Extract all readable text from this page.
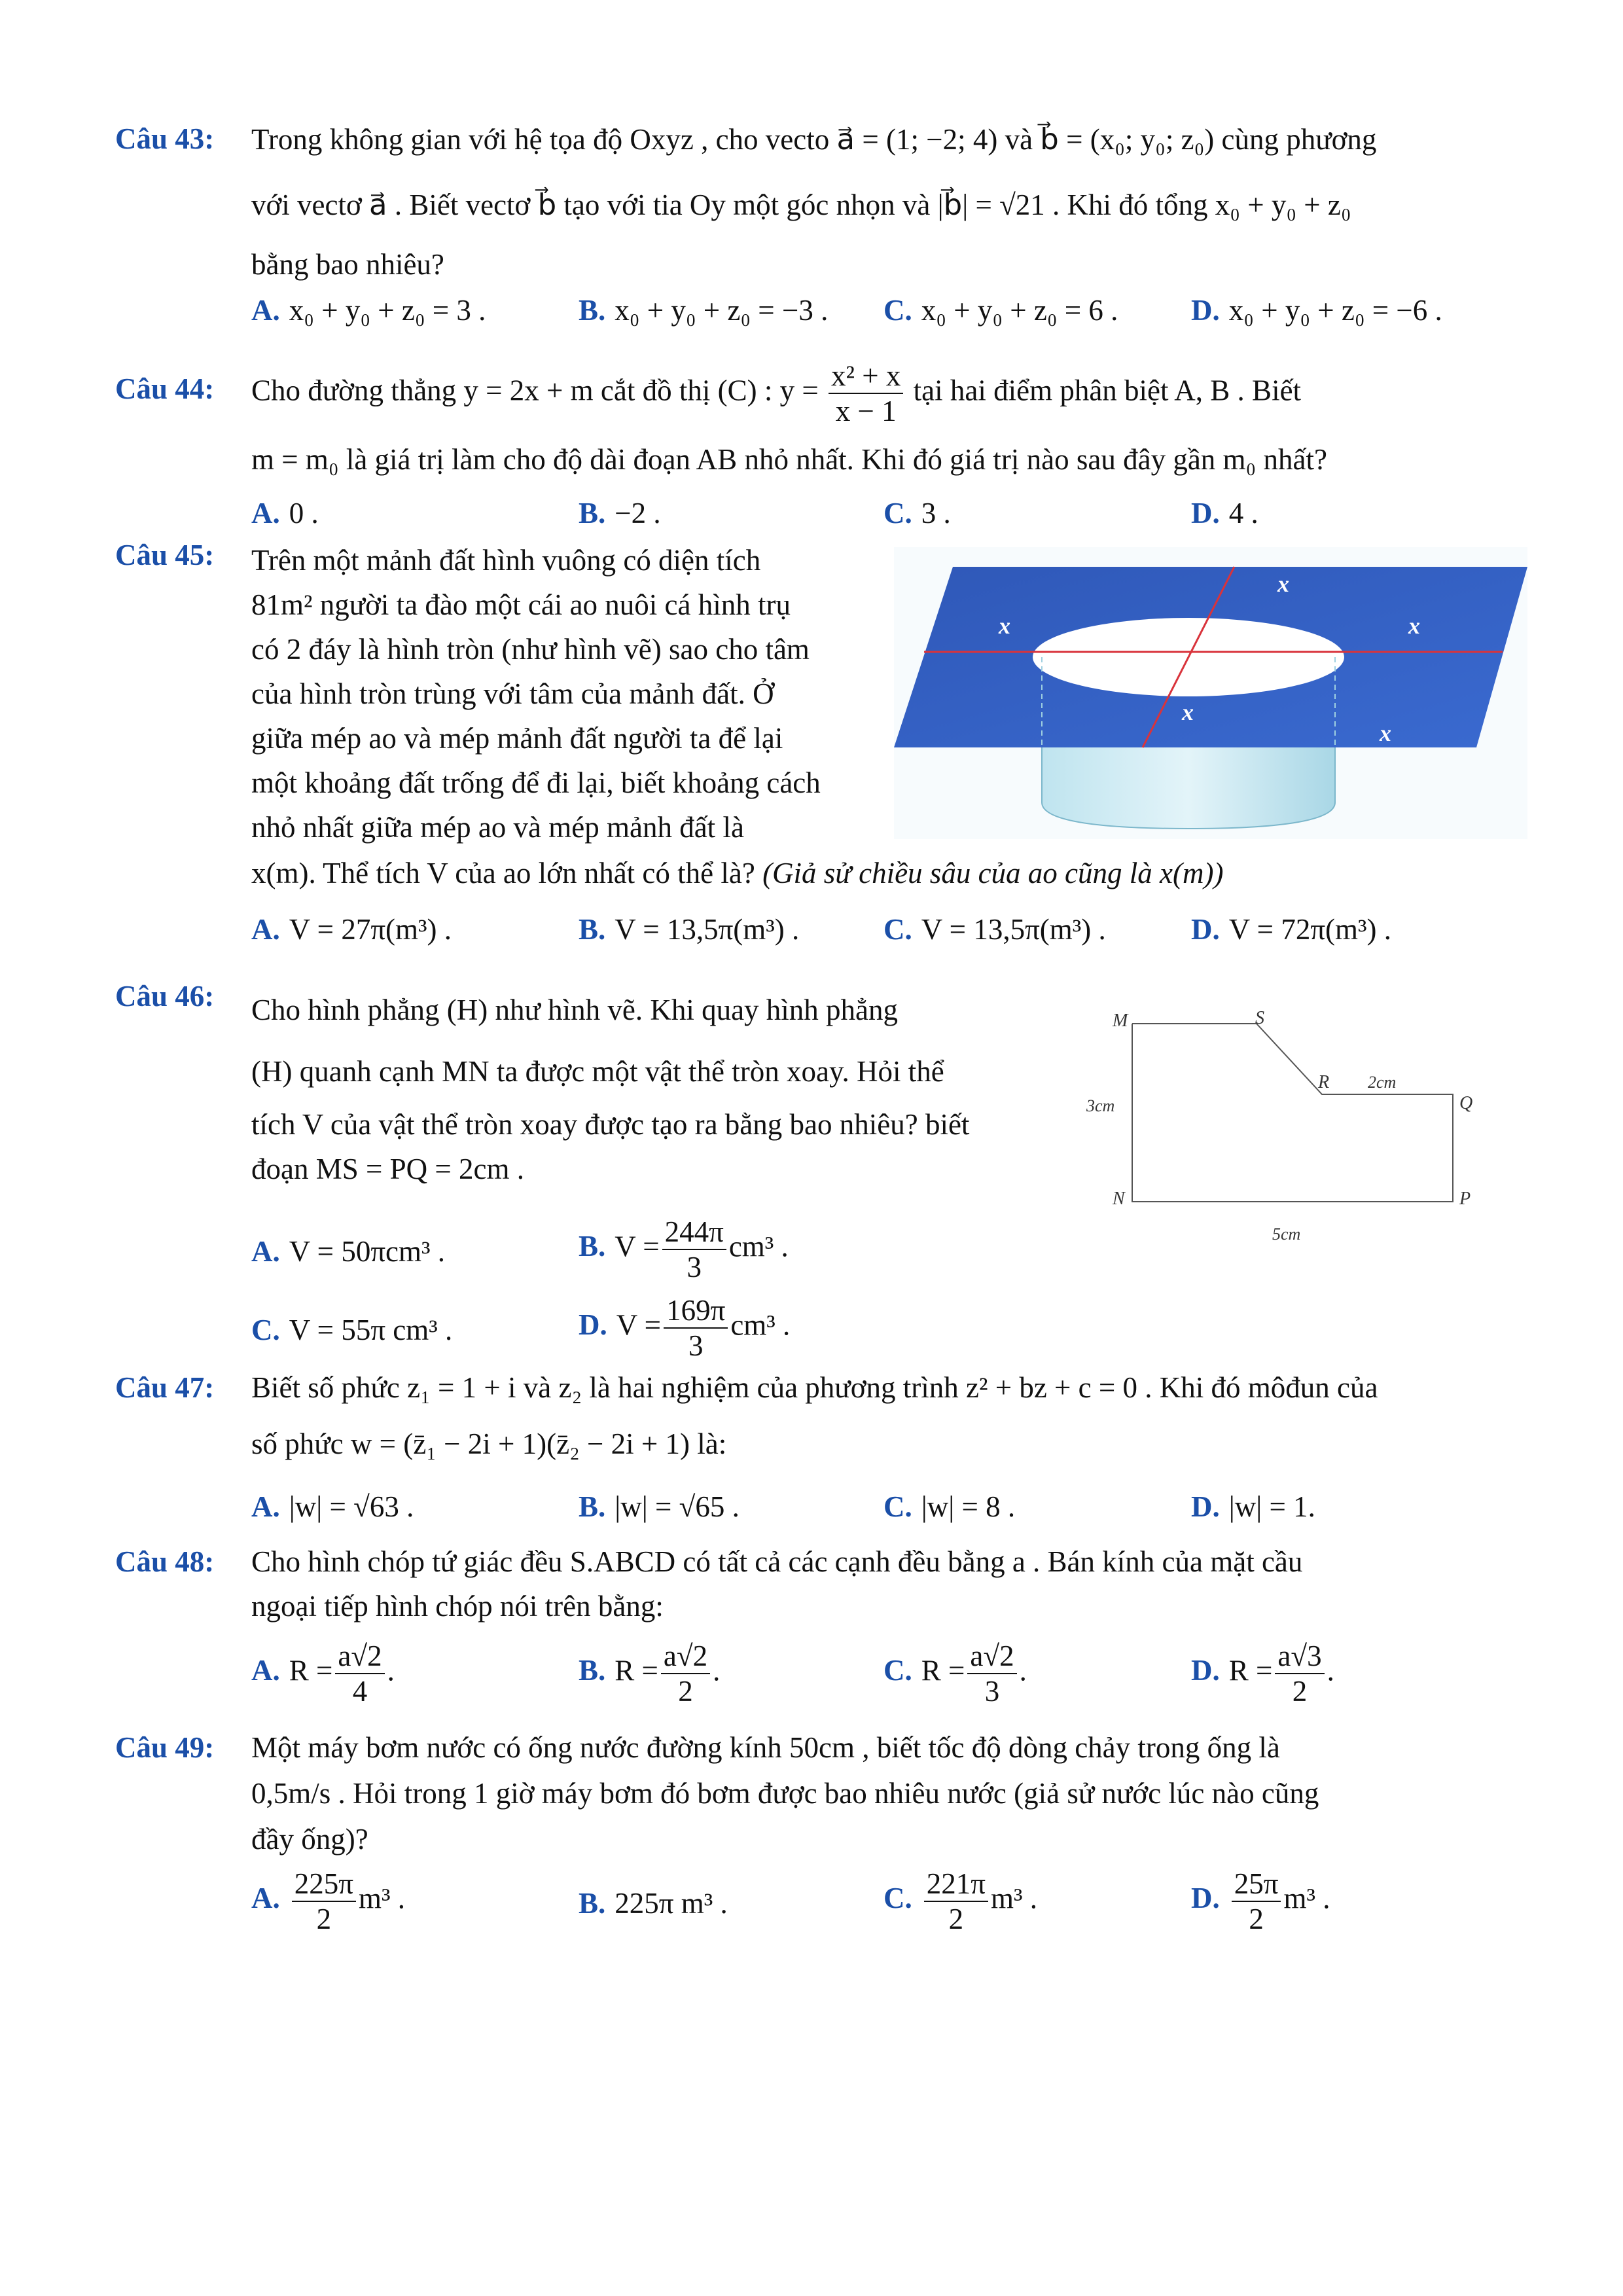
Câu 43: Trong không gian với hệ tọa độ Oxyz , cho vecto a⃗ = (1; −2; 4) và b⃗ = (x₀; y₀; z₀) cùng phương
với vectơ a⃗ . Biết vectơ b⃗ tạo với tia Oy một góc nhọn và |b⃗| = √21 . Khi đó tổng x₀ + y₀ + z₀
bằng bao nhiêu?
A. x₀ + y₀ + z₀ = 3 .	B. x₀ + y₀ + z₀ = −3 . C. x₀ + y₀ + z₀ = 6 . D. x₀ + y₀ + z₀ = −6 .
Câu 44: Cho đường thẳng y = 2x + m cắt đồ thị (C) : $y = \frac{\text{x² + x}}{x - 1}$ tại hai điểm phân biệt A, B . Biết
m = m₀ là giá trị làm cho độ dài đoạn AB nhỏ nhất. Khi đó giá trị nào sau đây gần m₀ nhất?
A. 0 .	B. −2 .	C. 3 .	D. 4 .
Câu 45: Trên một mảnh đất hình vuông có diện tích
81m² người ta đào một cái ao nuôi cá hình trụ
có 2 đáy là hình tròn (như hình vẽ) sao cho tâm
của hình tròn trùng với tâm của mảnh đất. Ở
giữa mép ao và mép mảnh đất người ta để lại
một khoảng đất trống để đi lại, biết khoảng cách
nhỏ nhất giữa mép ao và mép mảnh đất là
x(m). Thể tích V của ao lớn nhất có thể là? (Giả sử chiều sâu của ao cũng là x(m))
x
x	x
x
x
A. V = 27π(m³) .	B. V = 13,5π(m³) .	C. V = 13,5π(m³) .	D. V = 72π(m³) .
Câu 46: Cho hình phẳng (H) như hình vẽ. Khi quay hình phẳng
(H) quanh cạnh MN ta được một vật thể tròn xoay. Hỏi thể
tích V của vật thể tròn xoay được tạo ra bằng bao nhiêu? biết
đoạn MS = PQ = 2cm .
M	S
R
Q
N	P
2cm
3cm
5cm
A. V = 50πcm³ .	B. $V = \frac{244\pi}{3} cm^3$ .
C. V = 55π cm³ .	D. $V = \frac{169\pi}{3} cm^3$ .
Câu 47: Biết số phức z₁ = 1 + i và z₂ là hai nghiệm của phương trình z² + bz + c = 0 . Khi đó môđun của
số phức w = (z̄₁ − 2i + 1)(z̄₂ − 2i + 1) là:
A. |w| = √63 .	B. |w| = √65 .	C. |w| = 8 .	D. |w| = 1.
Câu 48: Cho hình chóp tứ giác đều S.ABCD có tất cả các cạnh đều bằng a . Bán kính của mặt cầu
ngoại tiếp hình chóp nói trên bằng:
A. $R = \frac{a√2}{4}$ .	B. $R = \frac{a√2}{2}$ .	C. $R = \frac{a√2}{3}$ .	D. $R = \frac{a√3}{2}$ .
Câu 49: Một máy bơm nước có ống nước đường kính 50cm , biết tốc độ dòng chảy trong ống là
0,5m/s . Hỏi trong 1 giờ máy bơm đó bơm được bao nhiêu nước (giả sử nước lúc nào cũng
đầy ống)?
A. $\frac{225\pi}{2} m^3$ .	B. 225π m³ .	C. $\frac{221\pi}{2} m^3$ .	D. $\frac{25\pi}{2} m^3$ .
